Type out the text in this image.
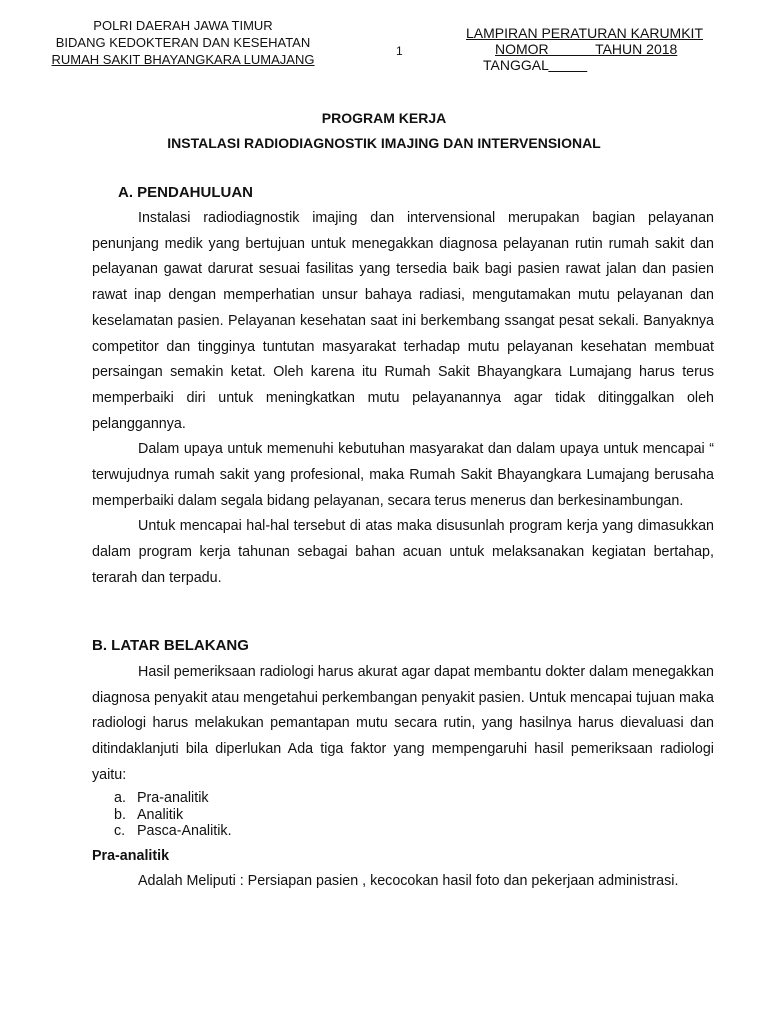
POLRI DAERAH JAWA TIMUR
BIDANG KEDOKTERAN DAN KESEHATAN
RUMAH SAKIT BHAYANGKARA LUMAJANG
1
LAMPIRAN PERATURAN KARUMKIT
NOMOR            TAHUN 2018
TANGGAL
PROGRAM KERJA
INSTALASI RADIODIAGNOSTIK IMAJING DAN INTERVENSIONAL
A. PENDAHULUAN

Instalasi radiodiagnostik imajing dan intervensional merupakan bagian pelayanan penunjang medik yang bertujuan untuk menegakkan diagnosa pelayanan rutin rumah sakit dan pelayanan gawat darurat sesuai fasilitas yang tersedia baik bagi pasien rawat jalan dan pasien rawat inap dengan memperhatian unsur bahaya radiasi, mengutamakan mutu pelayanan dan keselamatan pasien. Pelayanan kesehatan saat ini berkembang ssangat pesat sekali. Banyaknya competitor dan tingginya tuntutan masyarakat terhadap mutu pelayanan kesehatan membuat persaingan semakin ketat. Oleh karena itu Rumah Sakit Bhayangkara Lumajang harus terus memperbaiki diri untuk meningkatkan mutu pelayanannya agar tidak ditinggalkan oleh pelanggannya.

Dalam upaya untuk memenuhi kebutuhan masyarakat dan dalam upaya untuk mencapai “ terwujudnya rumah sakit yang profesional, maka Rumah Sakit Bhayangkara Lumajang berusaha memperbaiki dalam segala bidang pelayanan, secara terus menerus dan berkesinambungan.

Untuk mencapai hal-hal tersebut di atas maka disusunlah program kerja yang dimasukkan dalam program kerja tahunan sebagai bahan acuan untuk melaksanakan kegiatan bertahap, terarah dan terpadu.

B. LATAR BELAKANG

Hasil pemeriksaan radiologi harus akurat agar dapat membantu dokter dalam menegakkan diagnosa penyakit atau mengetahui perkembangan penyakit pasien. Untuk mencapai tujuan maka radiologi harus melakukan pemantapan mutu secara rutin, yang hasilnya harus dievaluasi dan ditindaklanjuti bila diperlukan Ada tiga faktor yang mempengaruhi hasil pemeriksaan radiologi yaitu:

a. Pra-analitik
b. Analitik
c. Pasca-Analitik.
Pra-analitik

Adalah Meliputi : Persiapan pasien , kecocokan hasil foto dan pekerjaan administrasi.
